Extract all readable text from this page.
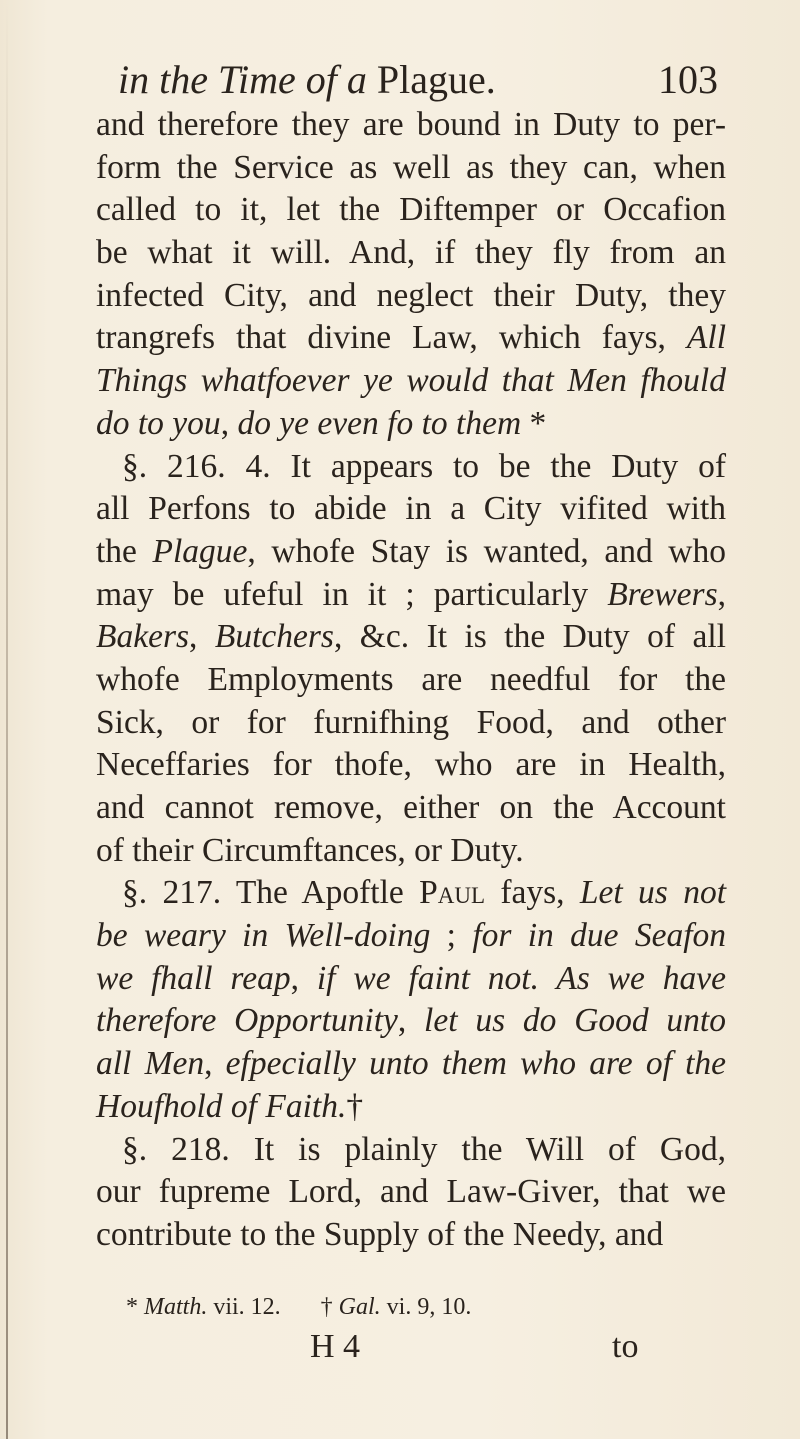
in the Time of a Plague.	103
and therefore they are bound in Duty to per-
form the Service as well as they can, when
called to it, let the Diftemper or Occafion
be what it will. And, if they fly from an
infected City, and neglect their Duty, they
trangrefs that divine Law, which fays, All
Things whatfoever ye would that Men fhould
do to you, do ye even fo to them *
§. 216. 4. It appears to be the Duty of
all Perfons to abide in a City vifited with
the Plague, whofe Stay is wanted, and who
may be ufeful in it ; particularly Brewers,
Bakers, Butchers, &c. It is the Duty of all
whofe Employments are needful for the
Sick, or for furnifhing Food, and other
Neceffaries for thofe, who are in Health,
and cannot remove, either on the Account
of their Circumftances, or Duty.
§. 217. The Apoftle Paul fays, Let us not
be weary in Well-doing ; for in due Seafon
we fhall reap, if we faint not. As we have
therefore Opportunity, let us do Good unto
all Men, efpecially unto them who are of the
Houfhold of Faith.†
§. 218. It is plainly the Will of God,
our fupreme Lord, and Law-Giver, that we
contribute to the Supply of the Needy, and
* Matth. vii. 12. † Gal. vi. 9, 10.
H 4	to
